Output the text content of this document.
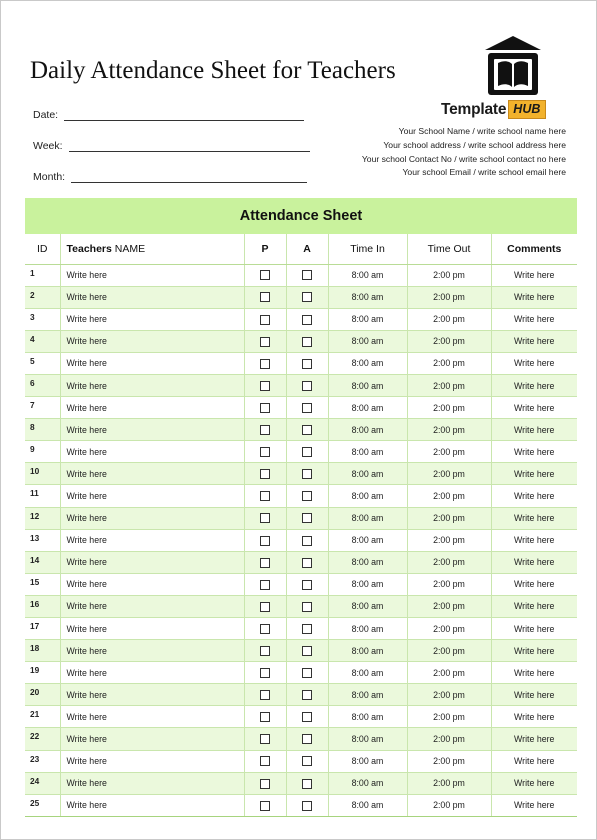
Daily Attendance Sheet for Teachers
Date:
Week:
Month:
Template HUB
Your School Name / write school name here
Your school address / write school address here
Your school Contact No / write school contact no here
Your school Email / write school email here
Attendance Sheet
ID	Teachers NAME	P	A	Time In	Time Out	Comments
1	Write here			8:00 am	2:00 pm	Write here
2	Write here			8:00 am	2:00 pm	Write here
3	Write here			8:00 am	2:00 pm	Write here
4	Write here			8:00 am	2:00 pm	Write here
5	Write here			8:00 am	2:00 pm	Write here
6	Write here			8:00 am	2:00 pm	Write here
7	Write here			8:00 am	2:00 pm	Write here
8	Write here			8:00 am	2:00 pm	Write here
9	Write here			8:00 am	2:00 pm	Write here
10	Write here			8:00 am	2:00 pm	Write here
11	Write here			8:00 am	2:00 pm	Write here
12	Write here			8:00 am	2:00 pm	Write here
13	Write here			8:00 am	2:00 pm	Write here
14	Write here			8:00 am	2:00 pm	Write here
15	Write here			8:00 am	2:00 pm	Write here
16	Write here			8:00 am	2:00 pm	Write here
17	Write here			8:00 am	2:00 pm	Write here
18	Write here			8:00 am	2:00 pm	Write here
19	Write here			8:00 am	2:00 pm	Write here
20	Write here			8:00 am	2:00 pm	Write here
21	Write here			8:00 am	2:00 pm	Write here
22	Write here			8:00 am	2:00 pm	Write here
23	Write here			8:00 am	2:00 pm	Write here
24	Write here			8:00 am	2:00 pm	Write here
25	Write here			8:00 am	2:00 pm	Write here
